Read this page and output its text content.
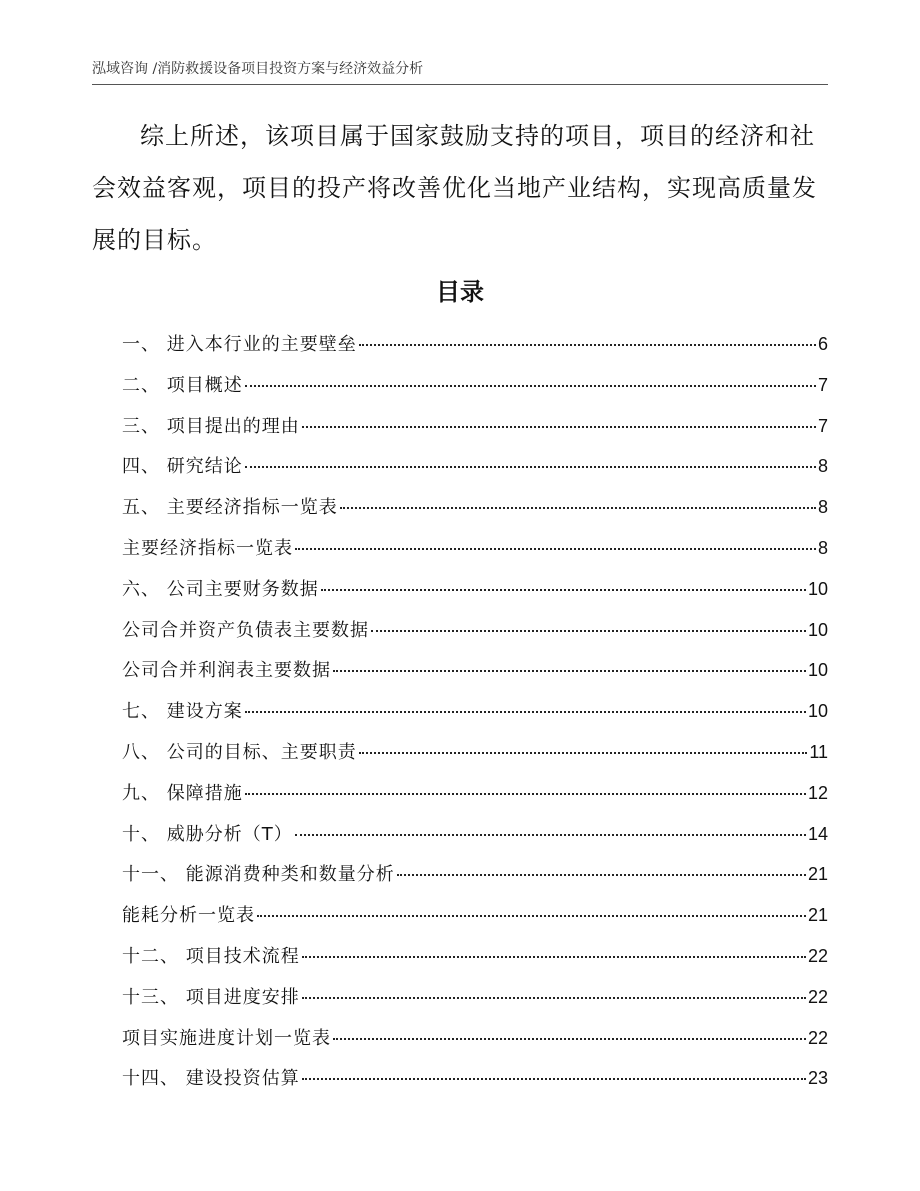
泓域咨询 /消防救援设备项目投资方案与经济效益分析

综上所述，该项目属于国家鼓励支持的项目，项目的经济和社会效益客观，项目的投产将改善优化当地产业结构，实现高质量发展的目标。

目录
一、 进入本行业的主要壁垒	6
二、 项目概述	7
三、 项目提出的理由	7
四、 研究结论	8
五、 主要经济指标一览表	8
主要经济指标一览表	8
六、 公司主要财务数据	10
公司合并资产负债表主要数据	10
公司合并利润表主要数据	10
七、 建设方案	10
八、 公司的目标、主要职责	11
九、 保障措施	12
十、 威胁分析（T）	14
十一、 能源消费种类和数量分析	21
能耗分析一览表	21
十二、 项目技术流程	22
十三、 项目进度安排	22
项目实施进度计划一览表	22
十四、 建设投资估算	23
